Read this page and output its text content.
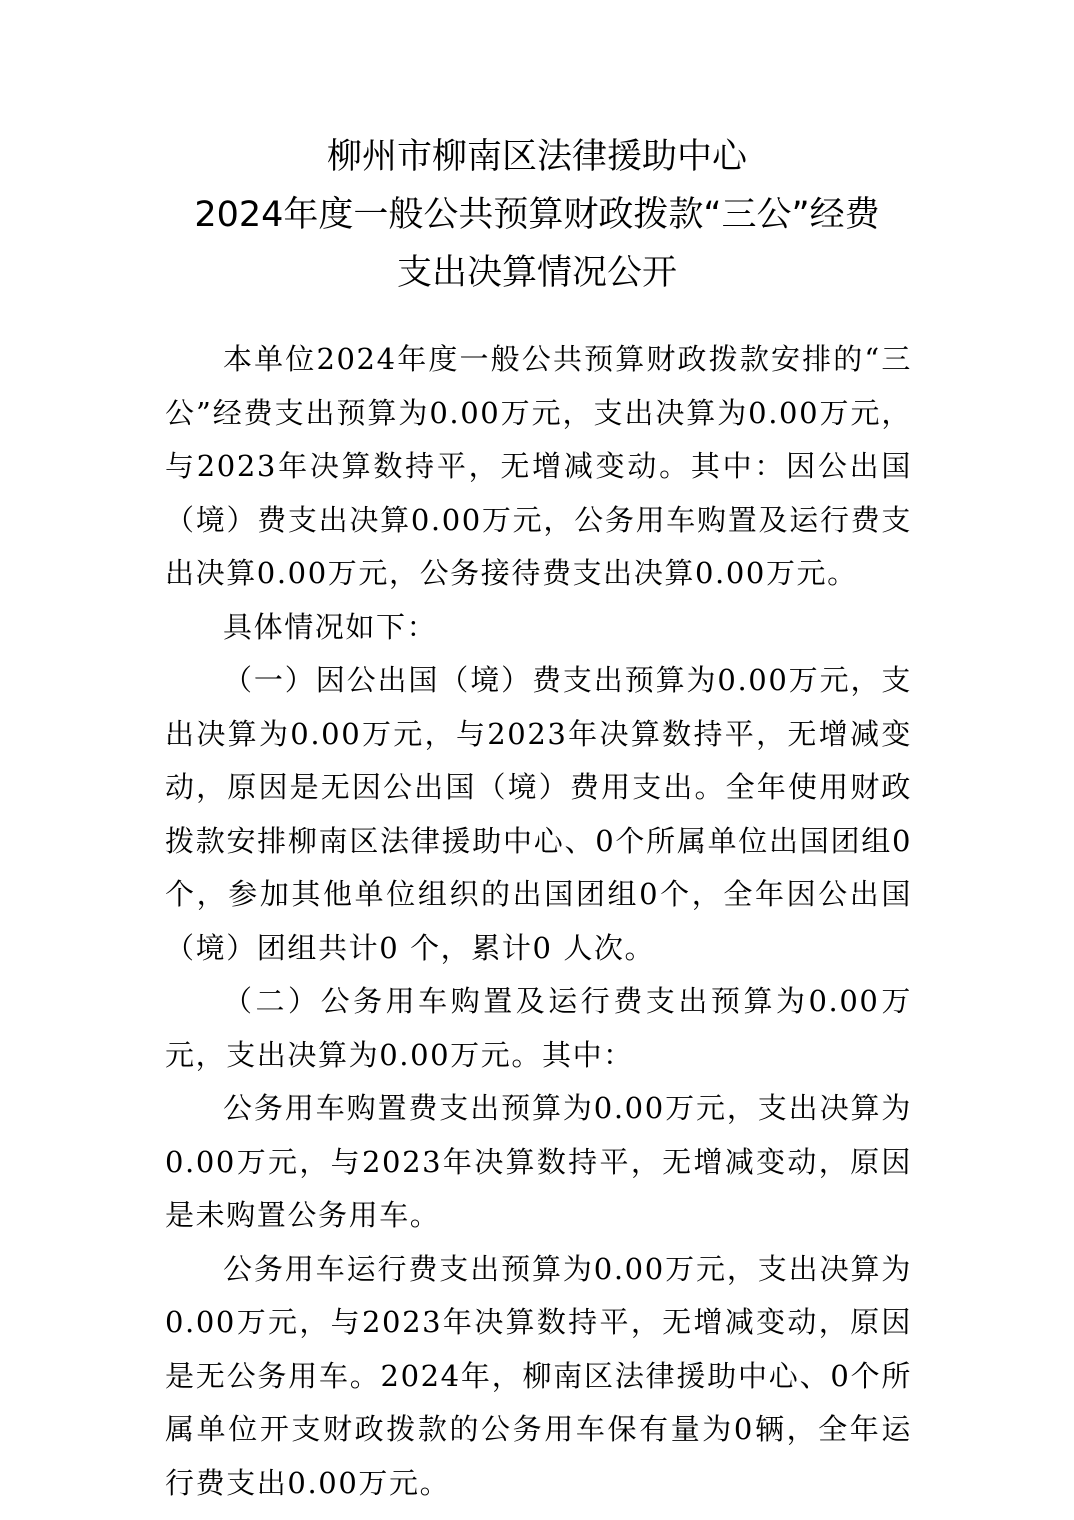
柳州市柳南区法律援助中心
2024年度一般公共预算财政拨款“三公”经费
支出决算情况公开

本单位2024年度一般公共预算财政拨款安排的“三公”经费支出预算为0.00万元，支出决算为0.00万元，与2023年决算数持平，无增减变动。其中：因公出国（境）费支出决算0.00万元，公务用车购置及运行费支出决算0.00万元，公务接待费支出决算0.00万元。

具体情况如下：

（一）因公出国（境）费支出预算为0.00万元，支出决算为0.00万元，与2023年决算数持平，无增减变动，原因是无因公出国（境）费用支出。全年使用财政拨款安排柳南区法律援助中心、0个所属单位出国团组0个，参加其他单位组织的出国团组0个，全年因公出国（境）团组共计0 个，累计0 人次。

（二）公务用车购置及运行费支出预算为0.00万元，支出决算为0.00万元。其中：

公务用车购置费支出预算为0.00万元，支出决算为0.00万元，与2023年决算数持平，无增减变动，原因是未购置公务用车。

公务用车运行费支出预算为0.00万元，支出决算为0.00万元，与2023年决算数持平，无增减变动，原因是无公务用车。2024年，柳南区法律援助中心、0个所属单位开支财政拨款的公务用车保有量为0辆，全年运行费支出0.00万元。
